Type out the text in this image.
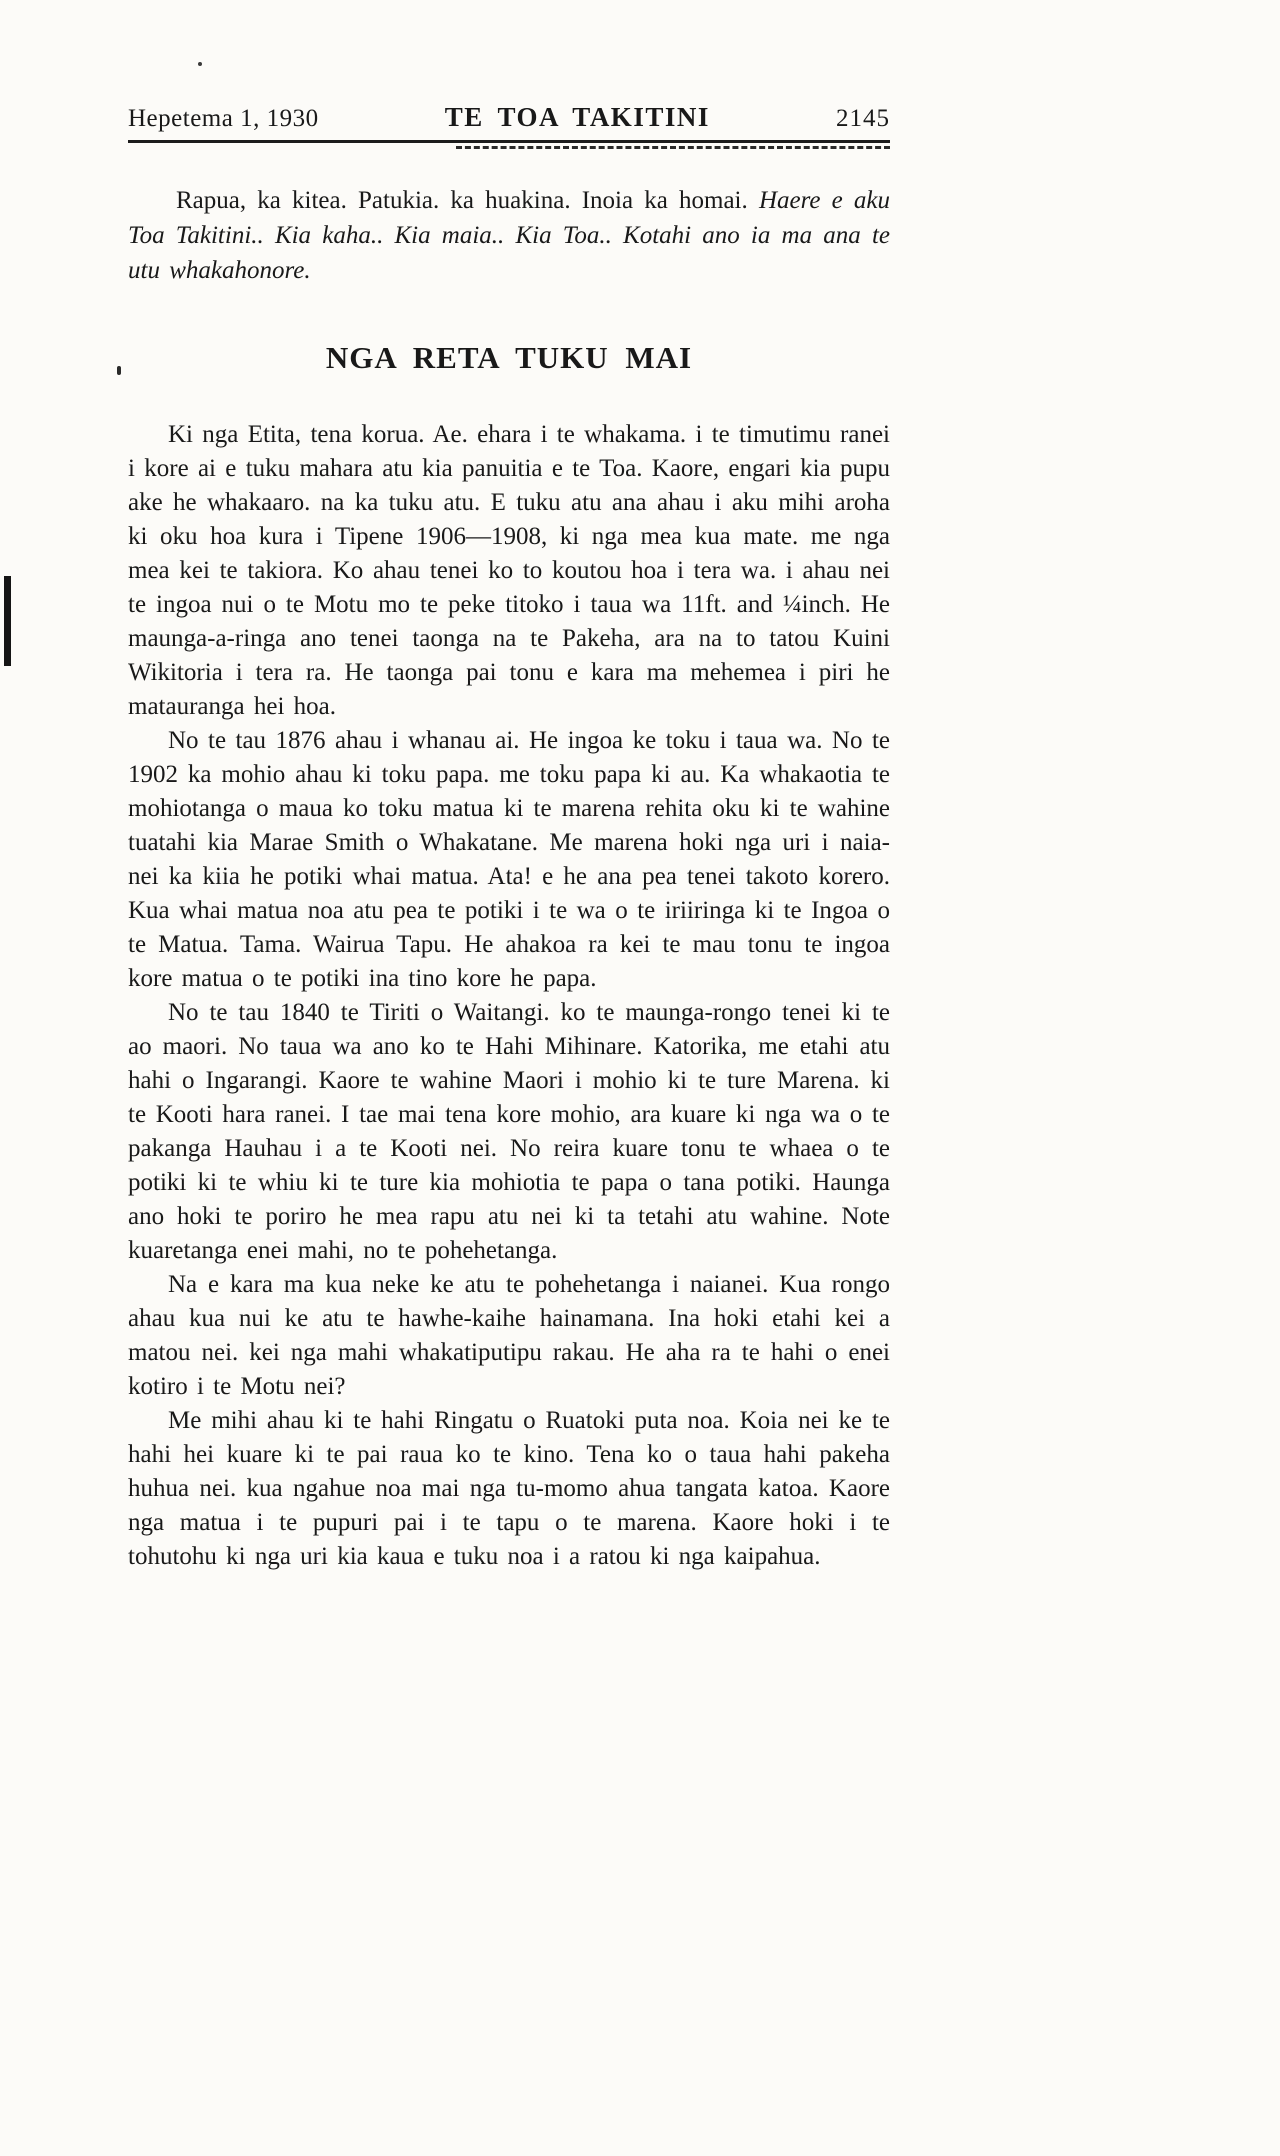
Hepetema 1, 1930	TE TOA TAKITINI	2145

Rapua, ka kitea. Patukia. ka huakina. Inoia ka homai. Haere e aku Toa Takitini.. Kia kaha.. Kia maia.. Kia Toa.. Kotahi ano ia ma ana te utu whakahonore.

NGA RETA TUKU MAI

Ki nga Etita, tena korua. Ae. ehara i te whakama. i te timutimu ranei i kore ai e tuku mahara atu kia panuitia e te Toa. Kaore, engari kia pupu ake he whakaaro. na ka tuku atu. E tuku atu ana ahau i aku mihi aroha ki oku hoa kura i Tipene 1906—1908, ki nga mea kua mate. me nga mea kei te takiora. Ko ahau tenei ko to koutou hoa i tera wa. i ahau nei te ingoa nui o te Motu mo te peke titoko i taua wa 11ft. and ¼inch. He maunga-a-ringa ano tenei taonga na te Pakeha, ara na to tatou Kuini Wikitoria i tera ra. He taonga pai tonu e kara ma mehemea i piri he matauranga hei hoa.

No te tau 1876 ahau i whanau ai. He ingoa ke toku i taua wa. No te 1902 ka mohio ahau ki toku papa. me toku papa ki au. Ka whakaotia te mohiotanga o maua ko toku matua ki te marena rehita oku ki te wahine tuatahi kia Marae Smith o Whakatane. Me marena hoki nga uri i naia-nei ka kiia he potiki whai matua. Ata! e he ana pea tenei takoto korero. Kua whai matua noa atu pea te potiki i te wa o te iriiringa ki te Ingoa o te Matua. Tama. Wairua Tapu. He ahakoa ra kei te mau tonu te ingoa kore matua o te potiki ina tino kore he papa.

No te tau 1840 te Tiriti o Waitangi. ko te maunga-rongo tenei ki te ao maori. No taua wa ano ko te Hahi Mihinare. Katorika, me etahi atu hahi o Ingarangi. Kaore te wahine Maori i mohio ki te ture Marena. ki te Kooti hara ranei. I tae mai tena kore mohio, ara kuare ki nga wa o te pakanga Hauhau i a te Kooti nei. No reira kuare tonu te whaea o te potiki ki te whiu ki te ture kia mohiotia te papa o tana potiki. Haunga ano hoki te poriro he mea rapu atu nei ki ta tetahi atu wahine. Note kuaretanga enei mahi, no te pohehetanga.

Na e kara ma kua neke ke atu te pohehetanga i naianei. Kua rongo ahau kua nui ke atu te hawhe-kaihe hainamana. Ina hoki etahi kei a matou nei. kei nga mahi whakatiputipu rakau. He aha ra te hahi o enei kotiro i te Motu nei?

Me mihi ahau ki te hahi Ringatu o Ruatoki puta noa. Koia nei ke te hahi hei kuare ki te pai raua ko te kino. Tena ko o taua hahi pakeha huhua nei. kua ngahue noa mai nga tu-momo ahua tangata katoa. Kaore nga matua i te pupuri pai i te tapu o te marena. Kaore hoki i te tohutohu ki nga uri kia kaua e tuku noa i a ratou ki nga kaipahua.
